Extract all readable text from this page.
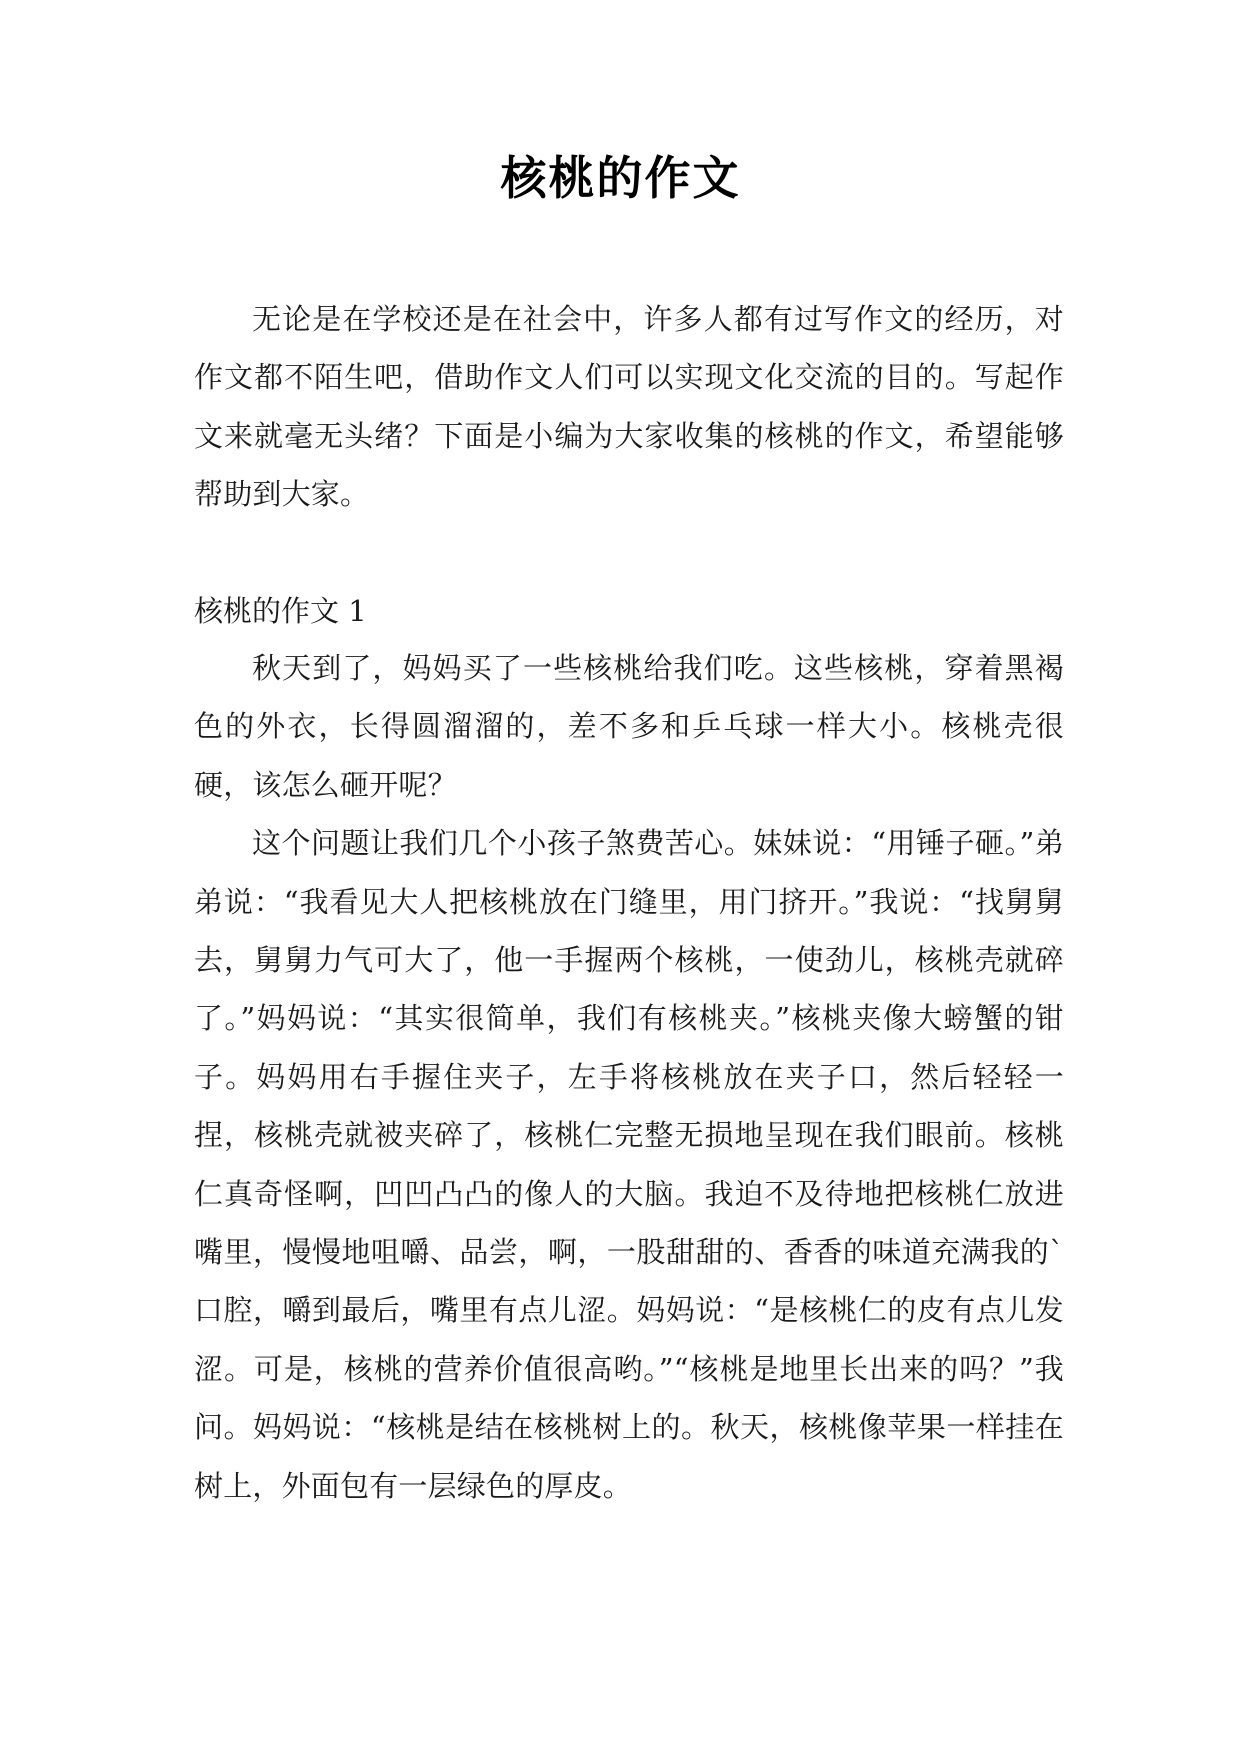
核桃的作文

无论是在学校还是在社会中，许多人都有过写作文的经历，对作文都不陌生吧，借助作文人们可以实现文化交流的目的。写起作文来就毫无头绪？下面是小编为大家收集的核桃的作文，希望能够帮助到大家。

核桃的作文 1

秋天到了，妈妈买了一些核桃给我们吃。这些核桃，穿着黑褐色的外衣，长得圆溜溜的，差不多和乒乓球一样大小。核桃壳很硬，该怎么砸开呢？

这个问题让我们几个小孩子煞费苦心。妹妹说：“用锤子砸。”弟弟说：“我看见大人把核桃放在门缝里，用门挤开。”我说：“找舅舅去，舅舅力气可大了，他一手握两个核桃，一使劲儿，核桃壳就碎了。”妈妈说：“其实很简单，我们有核桃夹。”核桃夹像大螃蟹的钳子。妈妈用右手握住夹子，左手将核桃放在夹子口，然后轻轻一捏，核桃壳就被夹碎了，核桃仁完整无损地呈现在我们眼前。核桃仁真奇怪啊，凹凹凸凸的像人的大脑。我迫不及待地把核桃仁放进嘴里，慢慢地咀嚼、品尝，啊，一股甜甜的、香香的味道充满我的`口腔，嚼到最后，嘴里有点儿涩。妈妈说：“是核桃仁的皮有点儿发涩。可是，核桃的营养价值很高哟。”“核桃是地里长出来的吗？”我问。妈妈说：“核桃是结在核桃树上的。秋天，核桃像苹果一样挂在树上，外面包有一层绿色的厚皮。
